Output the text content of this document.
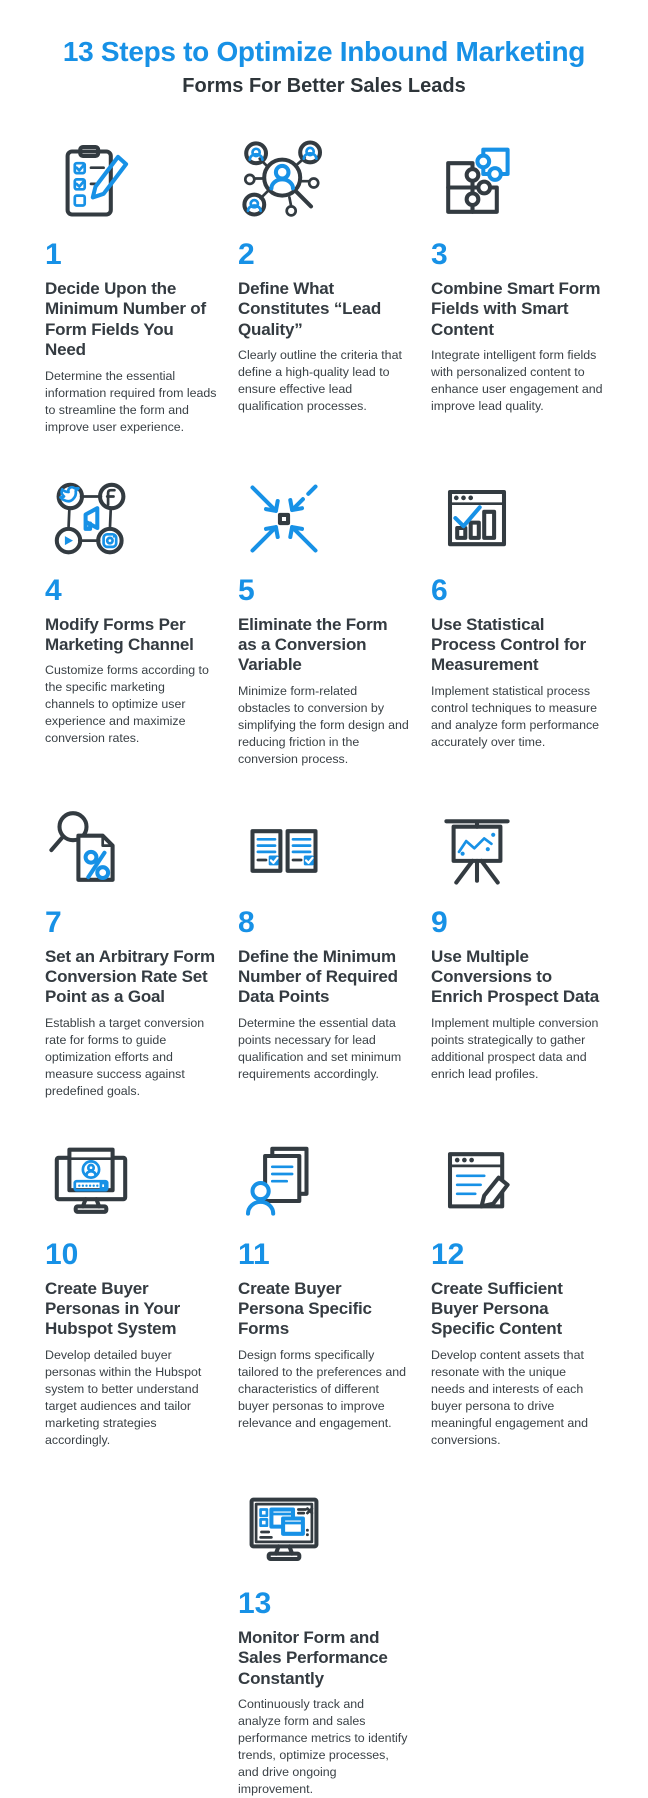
13 Steps to Optimize Inbound Marketing
Forms For Better Sales Leads
1
Decide Upon the Minimum Number of Form Fields You Need

Determine the essential information required from leads to streamline the form and improve user experience.

2
Define What Constitutes “Lead Quality”

Clearly outline the criteria that define a high-quality lead to ensure effective lead qualification processes.

3
Combine Smart Form Fields with Smart Content

Integrate intelligent form fields with personalized content to enhance user engagement and improve lead quality.

4
Modify Forms Per Marketing Channel

Customize forms according to the specific marketing channels to optimize user experience and maximize conversion rates.

5
Eliminate the Form as a Conversion Variable

Minimize form-related obstacles to conversion by simplifying the form design and reducing friction in the conversion process.

6
Use Statistical Process Control for Measurement

Implement statistical process control techniques to measure and analyze form performance accurately over time.

7
Set an Arbitrary Form Conversion Rate Set Point as a Goal

Establish a target conversion rate for forms to guide optimization efforts and measure success against predefined goals.

8
Define the Minimum Number of Required Data Points

Determine the essential data points necessary for lead qualification and set minimum requirements accordingly.

9
Use Multiple Conversions to Enrich Prospect Data

Implement multiple conversion points strategically to gather additional prospect data and enrich lead profiles.

10
Create Buyer Personas in Your Hubspot System

Develop detailed buyer personas within the Hubspot system to better understand target audiences and tailor marketing strategies accordingly.

11
Create Buyer Persona Specific Forms

Design forms specifically tailored to the preferences and characteristics of different buyer personas to improve relevance and engagement.

12
Create Sufficient Buyer Persona Specific Content

Develop content assets that resonate with the unique needs and interests of each buyer persona to drive meaningful engagement and conversions.

13
Monitor Form and Sales Performance Constantly

Continuously track and analyze form and sales performance metrics to identify trends, optimize processes, and drive ongoing improvement.
